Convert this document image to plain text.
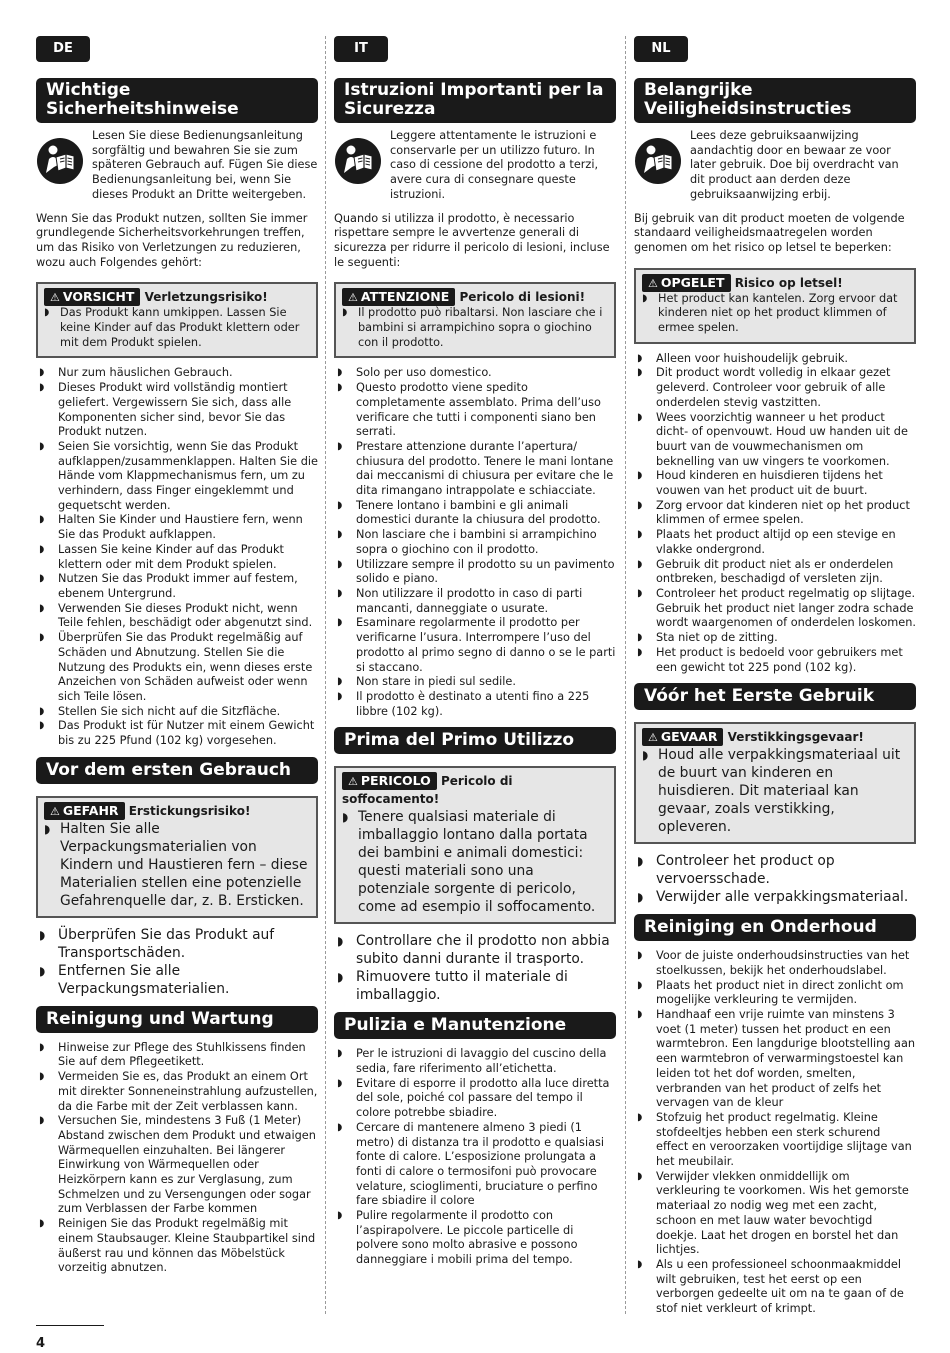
DE
Wichtige Sicherheitshinweise
Lesen Sie diese Bedienungsanleitung sorgfältig und bewahren Sie sie zum späteren Gebrauch auf. Fügen Sie diese Bedienungsanleitung bei, wenn Sie dieses Produkt an Dritte weitergeben.
Wenn Sie das Produkt nutzen, sollten Sie immer grundlegende Sicherheitsvorkehrungen treffen, um das Risiko von Verletzungen zu reduzieren, wozu auch Folgendes gehört:
⚠ VORSICHT Verletzungsrisiko!
◗ Das Produkt kann umkippen. Lassen Sie keine Kinder auf das Produkt klettern oder mit dem Produkt spielen.
◗ Nur zum häuslichen Gebrauch.
◗ Dieses Produkt wird vollständig montiert geliefert. Vergewissern Sie sich, dass alle Komponenten sicher sind, bevor Sie das Produkt nutzen.
◗ Seien Sie vorsichtig, wenn Sie das Produkt aufklappen/zusammenklappen. Halten Sie die Hände vom Klappmechanismus fern, um zu verhindern, dass Finger eingeklemmt und gequetscht werden.
◗ Halten Sie Kinder und Haustiere fern, wenn Sie das Produkt aufklappen.
◗ Lassen Sie keine Kinder auf das Produkt klettern oder mit dem Produkt spielen.
◗ Nutzen Sie das Produkt immer auf festem, ebenem Untergrund.
◗ Verwenden Sie dieses Produkt nicht, wenn Teile fehlen, beschädigt oder abgenutzt sind.
◗ Überprüfen Sie das Produkt regelmäßig auf Schäden und Abnutzung. Stellen Sie die Nutzung des Produkts ein, wenn dieses erste Anzeichen von Schäden aufweist oder wenn sich Teile lösen.
◗ Stellen Sie sich nicht auf die Sitzfläche.
◗ Das Produkt ist für Nutzer mit einem Gewicht bis zu 225 Pfund (102 kg) vorgesehen.
Vor dem ersten Gebrauch
⚠ GEFAHR Erstickungsrisiko!
◗ Halten Sie alle Verpackungsmaterialien von Kindern und Haustieren fern – diese Materialien stellen eine potenzielle Gefahrenquelle dar, z. B. Ersticken.
◗ Überprüfen Sie das Produkt auf Transportschäden.
◗ Entfernen Sie alle Verpackungsmaterialien.
Reinigung und Wartung
◗ Hinweise zur Pflege des Stuhlkissens finden Sie auf dem Pflegeetikett.
◗ Vermeiden Sie es, das Produkt an einem Ort mit direkter Sonneneinstrahlung aufzustellen, da die Farbe mit der Zeit verblassen kann.
◗ Versuchen Sie, mindestens 3 Fuß (1 Meter) Abstand zwischen dem Produkt und etwaigen Wärmequellen einzuhalten. Bei längerer Einwirkung von Wärmequellen oder Heizkörpern kann es zur Verglasung, zum Schmelzen und zu Versengungen oder sogar zum Verblassen der Farbe kommen
◗ Reinigen Sie das Produkt regelmäßig mit einem Staubsauger. Kleine Staubpartikel sind äußerst rau und können das Möbelstück vorzeitig abnutzen.
IT
Istruzioni Importanti per la Sicurezza
Leggere attentamente le istruzioni e conservarle per un utilizzo futuro. In caso di cessione del prodotto a terzi, avere cura di consegnare queste istruzioni.
Quando si utilizza il prodotto, è necessario rispettare sempre le avvertenze generali di sicurezza per ridurre il pericolo di lesioni, incluse le seguenti:
⚠ ATTENZIONE Pericolo di lesioni!
◗ Il prodotto può ribaltarsi. Non lasciare che i bambini si arrampichino sopra o giochino con il prodotto.
◗ Solo per uso domestico.
◗ Questo prodotto viene spedito completamente assemblato. Prima dell’uso verificare che tutti i componenti siano ben serrati.
◗ Prestare attenzione durante l’apertura/ chiusura del prodotto. Tenere le mani lontane dai meccanismi di chiusura per evitare che le dita rimangano intrappolate e schiacciate.
◗ Tenere lontano i bambini e gli animali domestici durante la chiusura del prodotto.
◗ Non lasciare che i bambini si arrampichino sopra o giochino con il prodotto.
◗ Utilizzare sempre il prodotto su un pavimento solido e piano.
◗ Non utilizzare il prodotto in caso di parti mancanti, danneggiate o usurate.
◗ Esaminare regolarmente il prodotto per verificarne l’usura. Interrompere l’uso del prodotto al primo segno di danno o se le parti si staccano.
◗ Non stare in piedi sul sedile.
◗ Il prodotto è destinato a utenti fino a 225 libbre (102 kg).
Prima del Primo Utilizzo
⚠ PERICOLO Pericolo di soffocamento!
◗ Tenere qualsiasi materiale di imballaggio lontano dalla portata dei bambini e animali domestici: questi materiali sono una potenziale sorgente di pericolo, come ad esempio il soffocamento.
◗ Controllare che il prodotto non abbia subito danni durante il trasporto.
◗ Rimuovere tutto il materiale di imballaggio.
Pulizia e Manutenzione
◗ Per le istruzioni di lavaggio del cuscino della sedia, fare riferimento all’etichetta.
◗ Evitare di esporre il prodotto alla luce diretta del sole, poiché col passare del tempo il colore potrebbe sbiadire.
◗ Cercare di mantenere almeno 3 piedi (1 metro) di distanza tra il prodotto e qualsiasi fonte di calore. L’esposizione prolungata a fonti di calore o termosifoni può provocare velature, scioglimenti, bruciature o perfino fare sbiadire il colore
◗ Pulire regolarmente il prodotto con l’aspirapolvere. Le piccole particelle di polvere sono molto abrasive e possono danneggiare i mobili prima del tempo.
NL
Belangrijke Veiligheidsinstructies
Lees deze gebruiksaanwijzing aandachtig door en bewaar ze voor later gebruik. Doe bij overdracht van dit product aan derden deze gebruiksaanwijzing erbij.
Bij gebruik van dit product moeten de volgende standaard veiligheidsmaatregelen worden genomen om het risico op letsel te beperken:
⚠ OPGELET Risico op letsel!
◗ Het product kan kantelen. Zorg ervoor dat kinderen niet op het product klimmen of ermee spelen.
◗ Alleen voor huishoudelijk gebruik.
◗ Dit product wordt volledig in elkaar gezet geleverd. Controleer voor gebruik of alle onderdelen stevig vastzitten.
◗ Wees voorzichtig wanneer u het product dicht- of openvouwt. Houd uw handen uit de buurt van de vouwmechanismen om beknelling van uw vingers te voorkomen.
◗ Houd kinderen en huisdieren tijdens het vouwen van het product uit de buurt.
◗ Zorg ervoor dat kinderen niet op het product klimmen of ermee spelen.
◗ Plaats het product altijd op een stevige en vlakke ondergrond.
◗ Gebruik dit product niet als er onderdelen ontbreken, beschadigd of versleten zijn.
◗ Controleer het product regelmatig op slijtage. Gebruik het product niet langer zodra schade wordt waargenomen of onderdelen loskomen.
◗ Sta niet op de zitting.
◗ Het product is bedoeld voor gebruikers met een gewicht tot 225 pond (102 kg).
Vóór het Eerste Gebruik
⚠ GEVAAR Verstikkingsgevaar!
◗ Houd alle verpakkingsmateriaal uit de buurt van kinderen en huisdieren. Dit materiaal kan gevaar, zoals verstikking, opleveren.
◗ Controleer het product op vervoersschade.
◗ Verwijder alle verpakkingsmateriaal.
Reiniging en Onderhoud
◗ Voor de juiste onderhoudsinstructies van het stoelkussen, bekijk het onderhoudslabel.
◗ Plaats het product niet in direct zonlicht om mogelijke verkleuring te vermijden.
◗ Handhaaf een vrije ruimte van minstens 3 voet (1 meter) tussen het product en een warmtebron. Een langdurige blootstelling aan een warmtebron of verwarmingstoestel kan leiden tot het dof worden, smelten, verbranden van het product of zelfs het vervagen van de kleur
◗ Stofzuig het product regelmatig. Kleine stofdeeltjes hebben een sterk schurend effect en veroorzaken voortijdige slijtage van het meubilair.
◗ Verwijder vlekken onmiddellijk om verkleuring te voorkomen. Wis het gemorste materiaal zo nodig weg met een zacht, schoon en met lauw water bevochtigd doekje. Laat het drogen en borstel het dan lichtjes.
◗ Als u een professioneel schoonmaakmiddel wilt gebruiken, test het eerst op een verborgen gedeelte uit om na te gaan of de stof niet verkleurt of krimpt.
4
